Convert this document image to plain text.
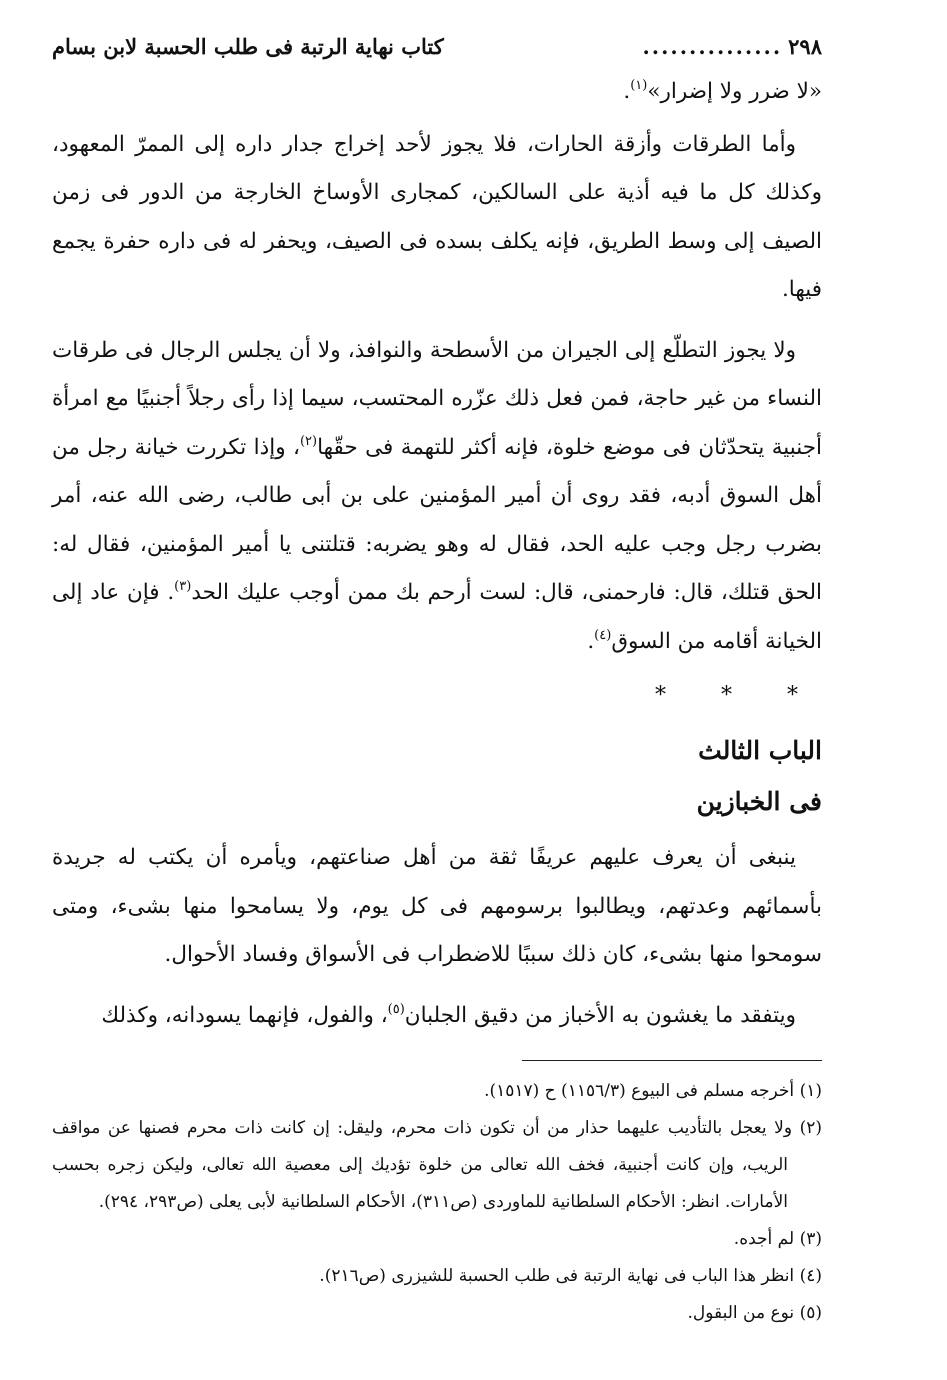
٢٩٨
...............
كتاب نهاية الرتبة فى طلب الحسبة لابن بسام

«لا ضرر ولا إضرار»$^{(١)}$.

وأما الطرقات وأزقة الحارات، فلا يجوز لأحد إخراج جدار داره إلى الممرّ المعهود، وكذلك كل ما فيه أذية على السالكين، كمجارى الأوساخ الخارجة من الدور فى زمن الصيف إلى وسط الطريق، فإنه يكلف بسده فى الصيف، ويحفر له فى داره حفرة يجمع فيها.

ولا يجوز التطلّع إلى الجيران من الأسطحة والنوافذ، ولا أن يجلس الرجال فى طرقات النساء من غير حاجة، فمن فعل ذلك عزّره المحتسب، سيما إذا رأى رجلاً أجنبيًا مع امرأة أجنبية يتحدّثان فى موضع خلوة، فإنه أكثر للتهمة فى حقّها$^{(٢)}$، وإذا تكررت خيانة رجل من أهل السوق أدبه، فقد روى أن أمير المؤمنين على بن أبى طالب، رضى الله عنه، أمر بضرب رجل وجب عليه الحد، فقال له وهو يضربه: قتلتنى يا أمير المؤمنين، فقال له: الحق قتلك، قال: فارحمنى، قال: لست أرحم بك ممن أوجب عليك الحد$^{(٣)}$. فإن عاد إلى الخيانة أقامه من السوق$^{(٤)}$.

* * *
الباب الثالث
فى الخبازين

ينبغى أن يعرف عليهم عريفًا ثقة من أهل صناعتهم، ويأمره أن يكتب له جريدة بأسمائهم وعدتهم، ويطالبوا برسومهم فى كل يوم، ولا يسامحوا منها بشىء، ومتى سومحوا منها بشىء، كان ذلك سببًا للاضطراب فى الأسواق وفساد الأحوال.

ويتفقد ما يغشون به الأخباز من دقيق الجلبان$^{(٥)}$، والفول، فإنهما يسودانه، وكذلك

(١) أخرجه مسلم فى البيوع (١١٥٦/٣) ح (١٥١٧).

(٢) ولا يعجل بالتأديب عليهما حذار من أن تكون ذات محرم، وليقل: إن كانت ذات محرم فصنها عن مواقف الريب، وإن كانت أجنبية، فخف الله تعالى من خلوة تؤديك إلى معصية الله تعالى، وليكن زجره بحسب الأمارات. انظر: الأحكام السلطانية للماوردى (ص٣١١)، الأحكام السلطانية لأبى يعلى (ص٢٩٣، ٢٩٤).

(٣) لم أجده.

(٤) انظر هذا الباب فى نهاية الرتبة فى طلب الحسبة للشيزرى (ص٢١٦).

(٥) نوع من البقول.
